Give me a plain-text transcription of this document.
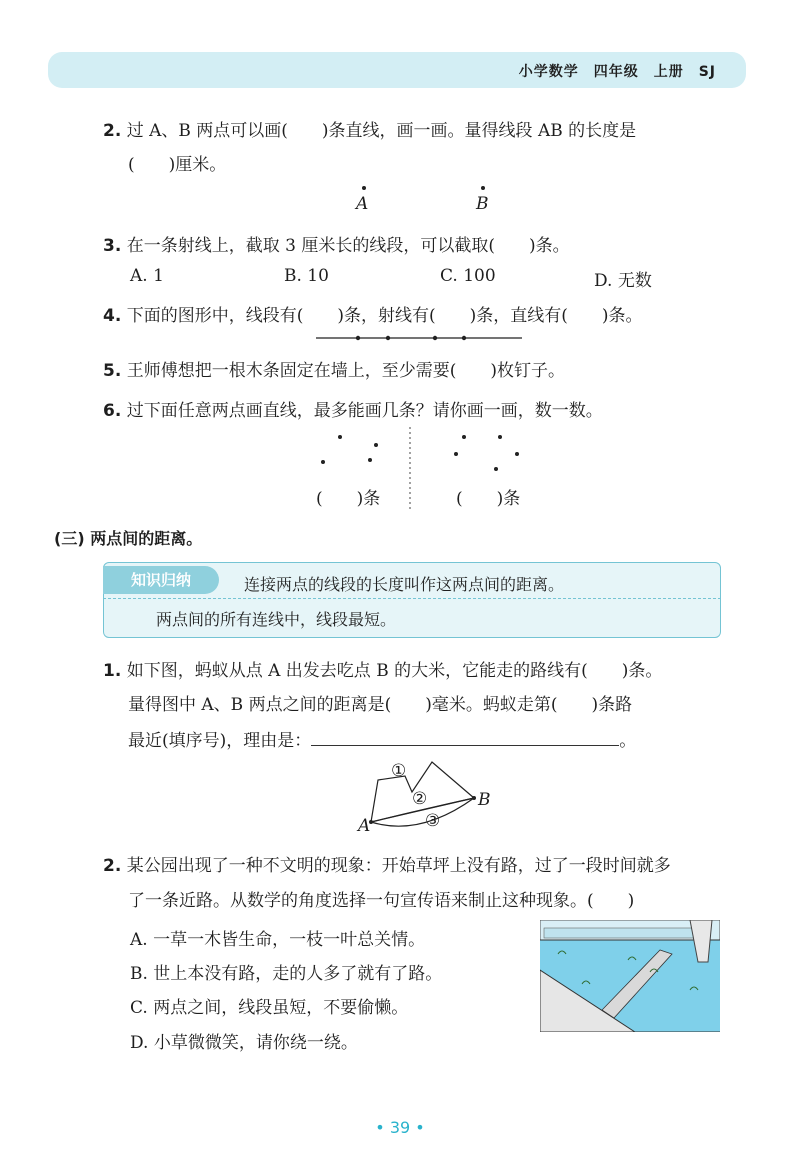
小学数学　四年级　上册　SJ
2. 过 A、B 两点可以画(　　)条直线，画一画。量得线段 AB 的长度是
(　　)厘米。
A	B
3. 在一条射线上，截取 3 厘米长的线段，可以截取(　　)条。
A. 1	B. 10	C. 100	D. 无数
4. 下面的图形中，线段有(　　)条，射线有(　　)条，直线有(　　)条。
5. 王师傅想把一根木条固定在墙上，至少需要(　　)枚钉子。
6. 过下面任意两点画直线，最多能画几条？请你画一画，数一数。
(　　)条	(　　)条
(三) 两点间的距离。
知识归纳	连接两点的线段的长度叫作这两点间的距离。
两点间的所有连线中，线段最短。
1. 如下图，蚂蚁从点 A 出发去吃点 B 的大米，它能走的路线有(　　)条。
量得图中 A、B 两点之间的距离是(　　)毫米。蚂蚁走第(　　)条路
最近(填序号)，理由是：	。
A
B
①
②
③
2. 某公园出现了一种不文明的现象：开始草坪上没有路，过了一段时间就多
了一条近路。从数学的角度选择一句宣传语来制止这种现象。(　　)
A. 一草一木皆生命，一枝一叶总关情。
B. 世上本没有路，走的人多了就有了路。
C. 两点之间，线段虽短，不要偷懒。
D. 小草微微笑，请你绕一绕。
• 39 •
